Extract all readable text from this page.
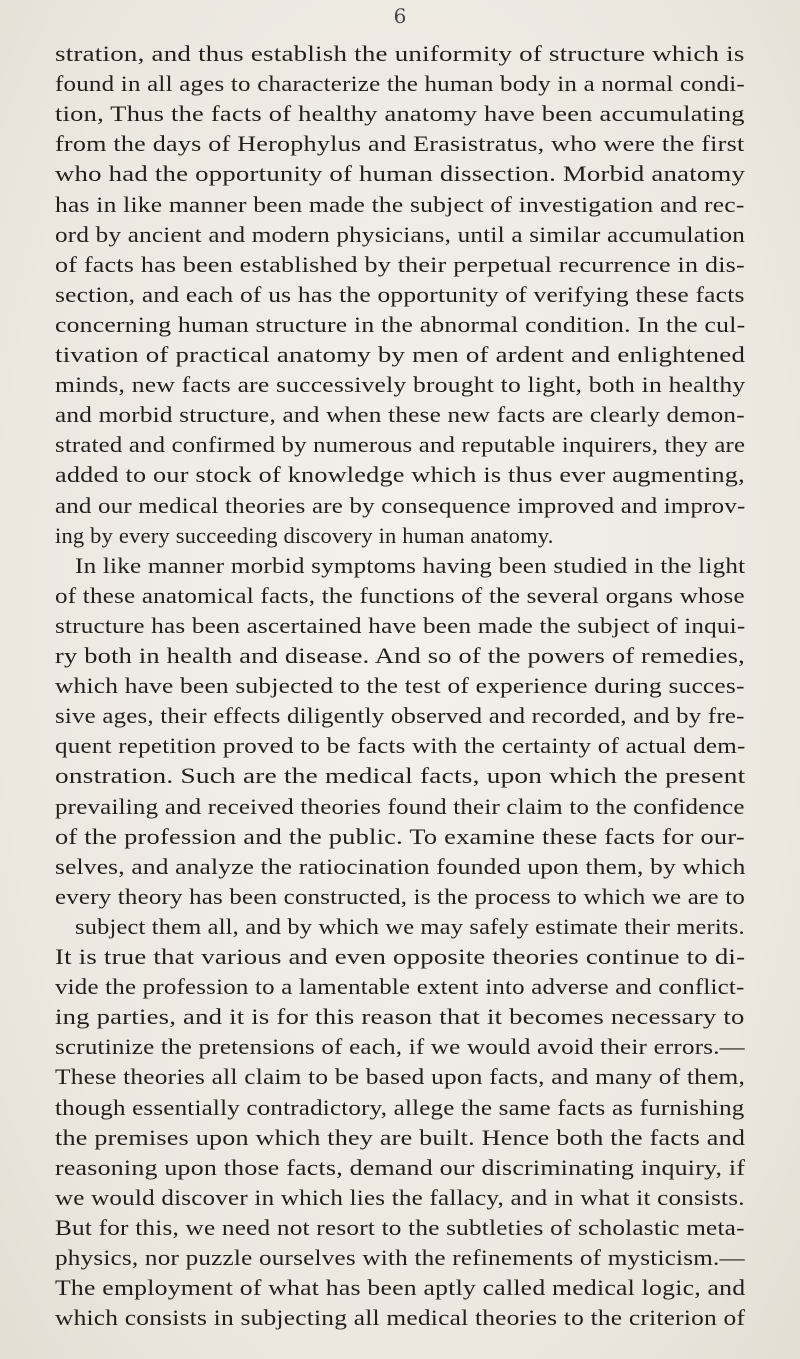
6
stration, and thus establish the uniformity of structure which is
found in all ages to characterize the human body in a normal condi-
tion, Thus the facts of healthy anatomy have been accumulating
from the days of Herophylus and Erasistratus, who were the first
who had the opportunity of human dissection. Morbid anatomy
has in like manner been made the subject of investigation and rec-
ord by ancient and modern physicians, until a similar accumulation
of facts has been established by their perpetual recurrence in dis-
section, and each of us has the opportunity of verifying these facts
concerning human structure in the abnormal condition. In the cul-
tivation of practical anatomy by men of ardent and enlightened
minds, new facts are successively brought to light, both in healthy
and morbid structure, and when these new facts are clearly demon-
strated and confirmed by numerous and reputable inquirers, they are
added to our stock of knowledge which is thus ever augmenting,
and our medical theories are by consequence improved and improv-
ing by every succeeding discovery in human anatomy.
In like manner morbid symptoms having been studied in the light
of these anatomical facts, the functions of the several organs whose
structure has been ascertained have been made the subject of inqui-
ry both in health and disease. And so of the powers of remedies,
which have been subjected to the test of experience during succes-
sive ages, their effects diligently observed and recorded, and by fre-
quent repetition proved to be facts with the certainty of actual dem-
onstration. Such are the medical facts, upon which the present
prevailing and received theories found their claim to the confidence
of the profession and the public. To examine these facts for our-
selves, and analyze the ratiocination founded upon them, by which
every theory has been constructed, is the process to which we are to
subject them all, and by which we may safely estimate their merits.
It is true that various and even opposite theories continue to di-
vide the profession to a lamentable extent into adverse and conflict-
ing parties, and it is for this reason that it becomes necessary to
scrutinize the pretensions of each, if we would avoid their errors.—
These theories all claim to be based upon facts, and many of them,
though essentially contradictory, allege the same facts as furnishing
the premises upon which they are built. Hence both the facts and
reasoning upon those facts, demand our discriminating inquiry, if
we would discover in which lies the fallacy, and in what it consists.
But for this, we need not resort to the subtleties of scholastic meta-
physics, nor puzzle ourselves with the refinements of mysticism.—
The employment of what has been aptly called medical logic, and
which consists in subjecting all medical theories to the criterion of
